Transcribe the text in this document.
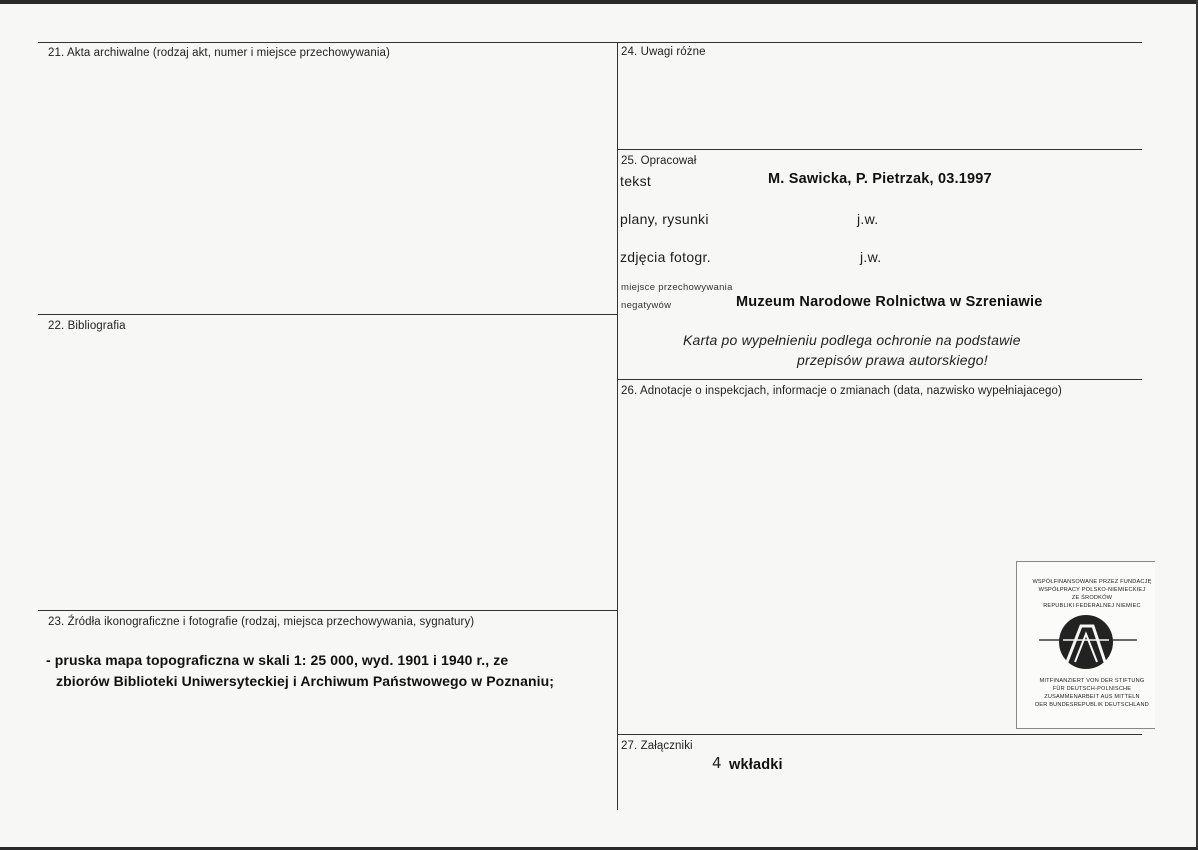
21. Akta archiwalne (rodzaj akt, numer i miejsce przechowywania)
22. Bibliografia
23. Źródła ikonograficzne i fotografie (rodzaj, miejsca przechowywania, sygnatury)
- pruska mapa topograficzna w skali 1: 25 000, wyd. 1901 i 1940 r., ze
zbiorów Biblioteki Uniwersyteckiej i Archiwum Państwowego w Poznaniu;
24. Uwagi różne
25. Opracował
tekst	M. Sawicka, P. Pietrzak, 03.1997
plany, rysunki	j.w.
zdjęcia fotogr.	j.w.
miejsce przechowywania
negatywów	Muzeum Narodowe Rolnictwa w Szreniawie
Karta po wypełnieniu podlega ochronie na podstawie
przepisów prawa autorskiego!
26. Adnotacje o inspekcjach, informacje o zmianach (data, nazwisko wypełniajacego)
WSPÓŁFINANSOWANE PRZEZ FUNDACJĘ
WSPÓŁPRACY POLSKO-NIEMIECKIEJ
ZE ŚRODKÓW
REPUBLIKI FEDERALNEJ NIEMIEC
MITFINANZIERT VON DER STIFTUNG
FÜR DEUTSCH-POLNISCHE
ZUSAMMENARBEIT AUS MITTELN
DER BUNDESREPUBLIK DEUTSCHLAND
27. Załączniki
4 wkładki
